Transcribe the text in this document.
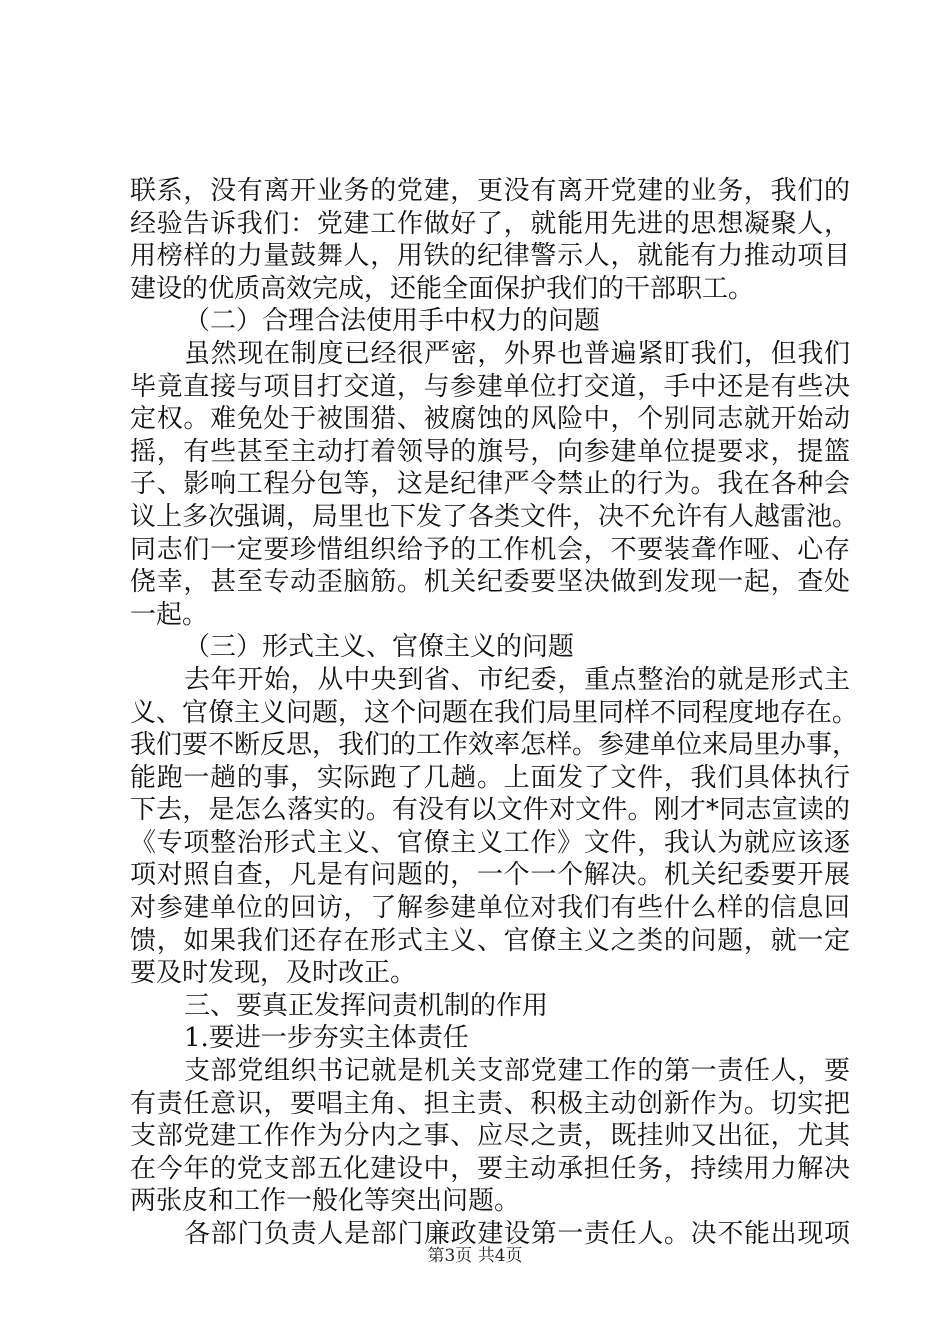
联系，没有离开业务的党建，更没有离开党建的业务，我们的
经验告诉我们：党建工作做好了，就能用先进的思想凝聚人，
用榜样的力量鼓舞人，用铁的纪律警示人，就能有力推动项目
建设的优质高效完成，还能全面保护我们的干部职工。
（二）合理合法使用手中权力的问题
虽然现在制度已经很严密，外界也普遍紧盯我们，但我们
毕竟直接与项目打交道，与参建单位打交道，手中还是有些决
定权。难免处于被围猎、被腐蚀的风险中，个别同志就开始动
摇，有些甚至主动打着领导的旗号，向参建单位提要求，提篮
子、影响工程分包等，这是纪律严令禁止的行为。我在各种会
议上多次强调，局里也下发了各类文件，决不允许有人越雷池。
同志们一定要珍惜组织给予的工作机会，不要装聋作哑、心存
侥幸，甚至专动歪脑筋。机关纪委要坚决做到发现一起，查处
一起。
（三）形式主义、官僚主义的问题
去年开始，从中央到省、市纪委，重点整治的就是形式主
义、官僚主义问题，这个问题在我们局里同样不同程度地存在。
我们要不断反思，我们的工作效率怎样。参建单位来局里办事，
能跑一趟的事，实际跑了几趟。上面发了文件，我们具体执行
下去，是怎么落实的。有没有以文件对文件。刚才*同志宣读的
《专项整治形式主义、官僚主义工作》文件，我认为就应该逐
项对照自查，凡是有问题的，一个一个解决。机关纪委要开展
对参建单位的回访，了解参建单位对我们有些什么样的信息回
馈，如果我们还存在形式主义、官僚主义之类的问题，就一定
要及时发现，及时改正。
三、要真正发挥问责机制的作用
1.要进一步夯实主体责任
支部党组织书记就是机关支部党建工作的第一责任人，要
有责任意识，要唱主角、担主责、积极主动创新作为。切实把
支部党建工作作为分内之事、应尽之责，既挂帅又出征，尤其
在今年的党支部五化建设中，要主动承担任务，持续用力解决
两张皮和工作一般化等突出问题。
各部门负责人是部门廉政建设第一责任人。决不能出现项
第3页 共4页
